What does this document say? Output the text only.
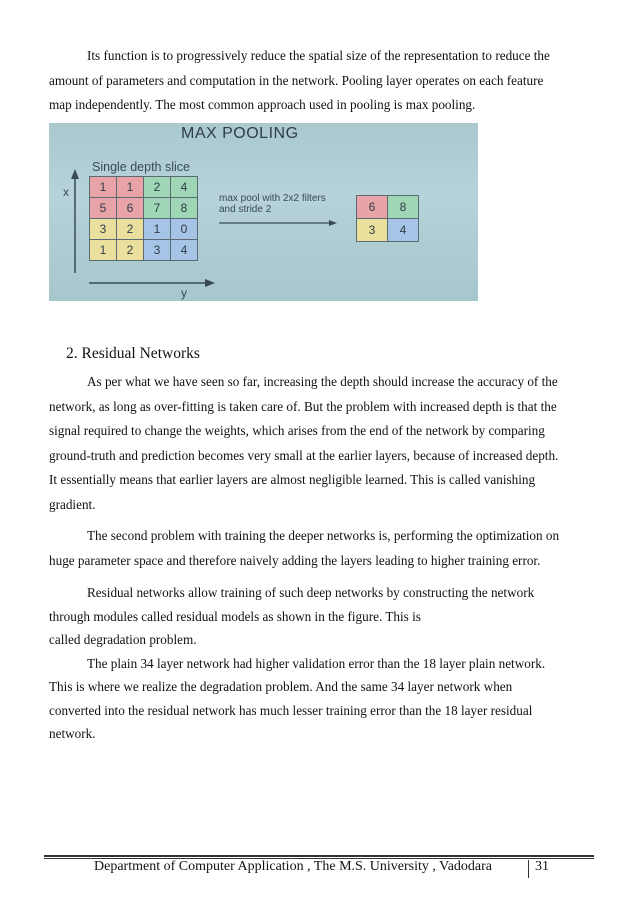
Its function is to progressively reduce the spatial size of the representation to reduce the
amount of parameters and computation in the network. Pooling layer operates on each feature
map independently. The most common approach used in pooling is max pooling.
MAX POOLING
Single depth slice
x
y
1	1	2	4
5	6	7	8
3	2	1	0
1	2	3	4
max pool with 2x2 filters
and stride 2	6	8
3	4
2. Residual Networks
As per what we have seen so far, increasing the depth should increase the accuracy of the
network, as long as over-fitting is taken care of. But the problem with increased depth is that the
signal required to change the weights, which arises from the end of the network by comparing
ground-truth and prediction becomes very small at the earlier layers, because of increased depth.
It essentially means that earlier layers are almost negligible learned. This is called vanishing
gradient.
The second problem with training the deeper networks is, performing the optimization on
huge parameter space and therefore naively adding the layers leading to higher training error.
Residual networks allow training of such deep networks by constructing the network
through modules called residual models as shown in the figure. This is
called degradation problem.
The plain 34 layer network had higher validation error than the 18 layer plain network.
This is where we realize the degradation problem. And the same 34 layer network when
converted into the residual network has much lesser training error than the 18 layer residual
network.
Department of Computer Application , The M.S. University , Vadodara	31
